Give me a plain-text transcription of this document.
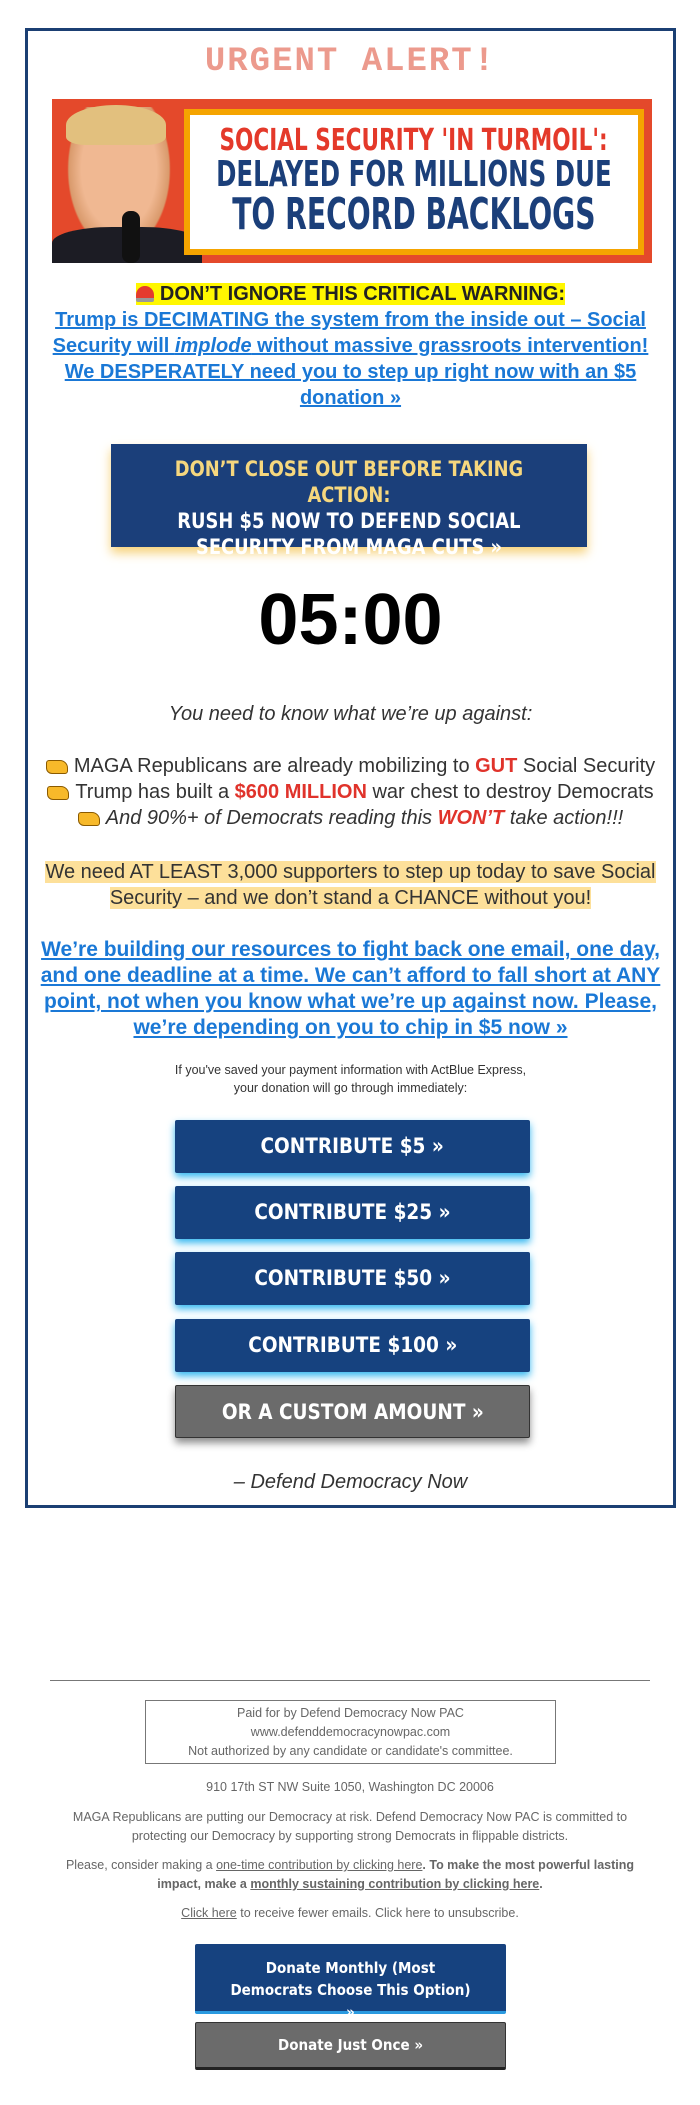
URGENT ALERT!
SOCIAL SECURITY 'IN TURMOIL':
DELAYED FOR MILLIONS DUE
TO RECORD BACKLOGS
DON’T IGNORE THIS CRITICAL WARNING:
Trump is DECIMATING the system from the inside out – Social Security will implode without massive grassroots intervention! We DESPERATELY need you to step up right now with an $5 donation »
DON’T CLOSE OUT BEFORE TAKING ACTION:
RUSH $5 NOW TO DEFEND SOCIAL
SECURITY FROM MAGA CUTS »
05:00
You need to know what we’re up against:
MAGA Republicans are already mobilizing to GUT Social Security
Trump has built a $600 MILLION war chest to destroy Democrats
And 90%+ of Democrats reading this WON’T take action!!!
We need AT LEAST 3,000 supporters to step up today to save Social Security – and we don’t stand a CHANCE without you!
We’re building our resources to fight back one email, one day, and one deadline at a time. We can’t afford to fall short at ANY point, not when you know what we’re up against now. Please, we’re depending on you to chip in $5 now »
If you've saved your payment information with ActBlue Express, your donation will go through immediately:
CONTRIBUTE $5 »
CONTRIBUTE $25 »
CONTRIBUTE $50 »
CONTRIBUTE $100 »
OR A CUSTOM AMOUNT »
– Defend Democracy Now
Paid for by Defend Democracy Now PAC
www.defenddemocracynowpac.com
Not authorized by any candidate or candidate's committee.
910 17th ST NW Suite 1050, Washington DC 20006
MAGA Republicans are putting our Democracy at risk. Defend Democracy Now PAC is committed to protecting our Democracy by supporting strong Democrats in flippable districts.
Please, consider making a one-time contribution by clicking here. To make the most powerful lasting impact, make a monthly sustaining contribution by clicking here.
Click here to receive fewer emails. Click here to unsubscribe.
Donate Monthly (Most Democrats Choose This Option) »
Donate Just Once »
